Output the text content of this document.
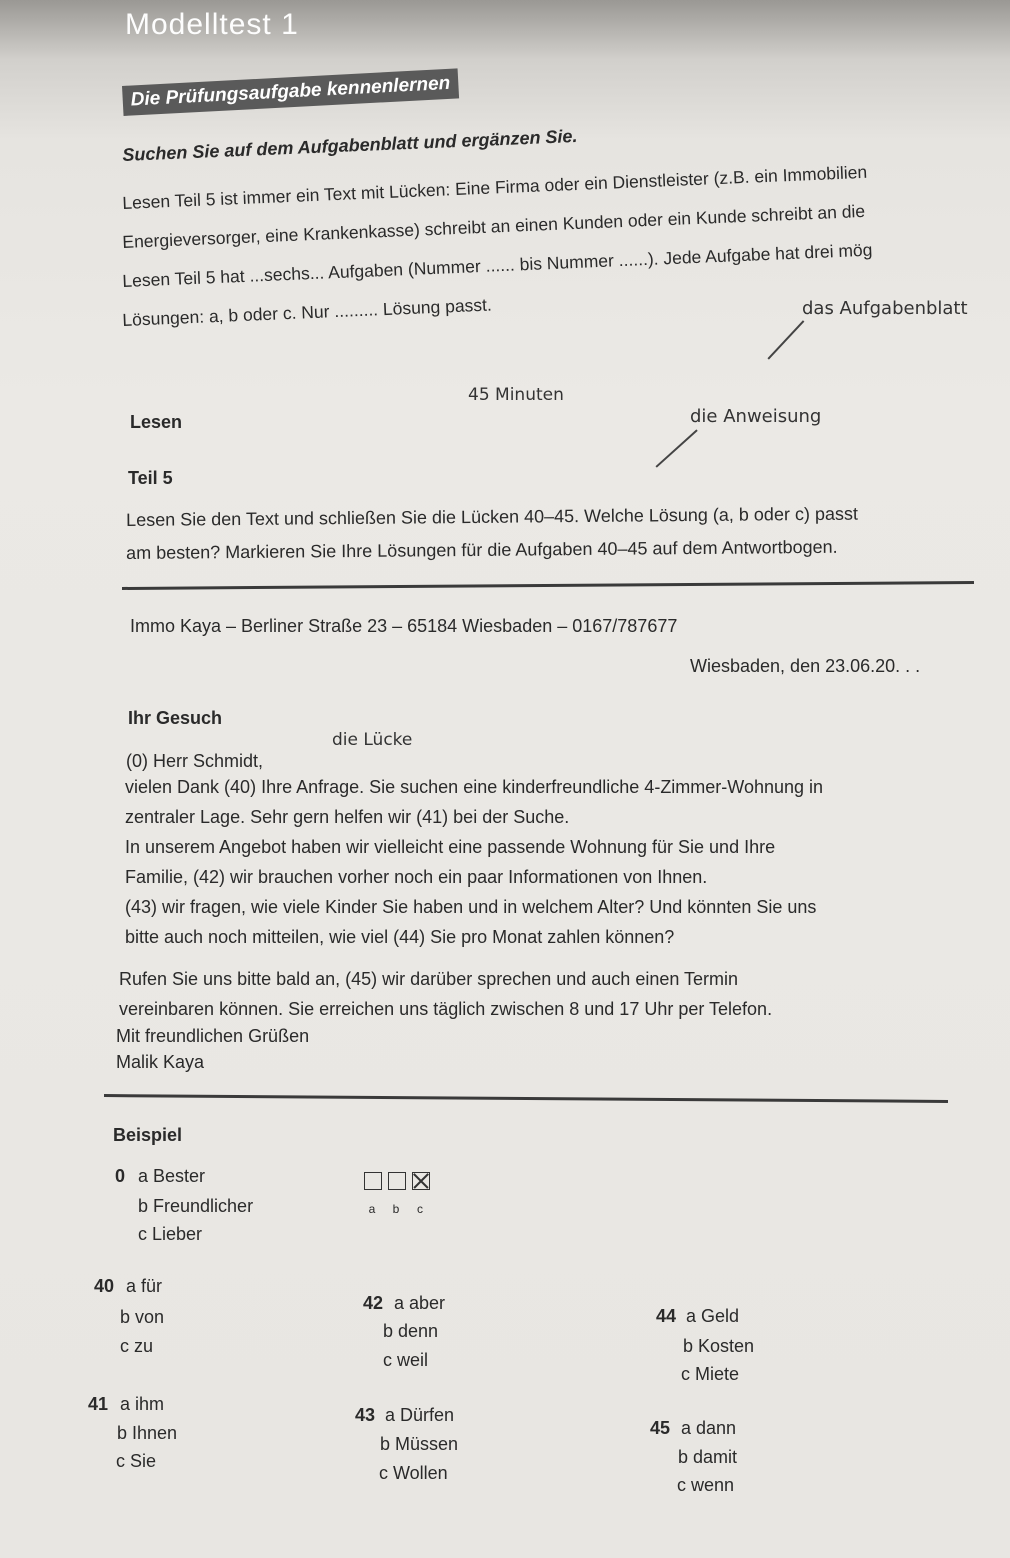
Modelltest 1
Die Prüfungsaufgabe kennenlernen
Suchen Sie auf dem Aufgabenblatt und ergänzen Sie.
Lesen Teil 5 ist immer ein Text mit Lücken: Eine Firma oder ein Dienstleister (z.B. ein Immobilien
Energieversorger, eine Krankenkasse) schreibt an einen Kunden oder ein Kunde schreibt an die
Lesen Teil 5 hat ...sechs... Aufgaben (Nummer ...... bis Nummer ......). Jede Aufgabe hat drei mög
Lösungen: a, b oder c. Nur ......... Lösung passt.	das Aufgabenblatt
45 Minuten
Lesen	die Anweisung
Teil 5
Lesen Sie den Text und schließen Sie die Lücken 40–45. Welche Lösung (a, b oder c) passt
am besten? Markieren Sie Ihre Lösungen für die Aufgaben 40–45 auf dem Antwortbogen.
Immo Kaya – Berliner Straße 23 – 65184 Wiesbaden – 0167/787677
Wiesbaden, den 23.06.20. . .
Ihr Gesuch
die Lücke
(0) Herr Schmidt,
vielen Dank (40) Ihre Anfrage. Sie suchen eine kinderfreundliche 4-Zimmer-Wohnung in
zentraler Lage. Sehr gern helfen wir (41) bei der Suche.
In unserem Angebot haben wir vielleicht eine passende Wohnung für Sie und Ihre
Familie, (42) wir brauchen vorher noch ein paar Informationen von Ihnen.
(43) wir fragen, wie viele Kinder Sie haben und in welchem Alter? Und könnten Sie uns
bitte auch noch mitteilen, wie viel (44) Sie pro Monat zahlen können?
Rufen Sie uns bitte bald an, (45) wir darüber sprechen und auch einen Termin
vereinbaren können. Sie erreichen uns täglich zwischen 8 und 17 Uhr per Telefon.
Mit freundlichen Grüßen
Malik Kaya
Beispiel
0 a Bester
b Freundlicher
c Lieber
a b c
40 a für
b von
c zu
41 a ihm
b Ihnen
c Sie
42 a aber
b denn
c weil
43 a Dürfen
b Müssen
c Wollen
44 a Geld
b Kosten
c Miete
45 a dann
b damit
c wenn
